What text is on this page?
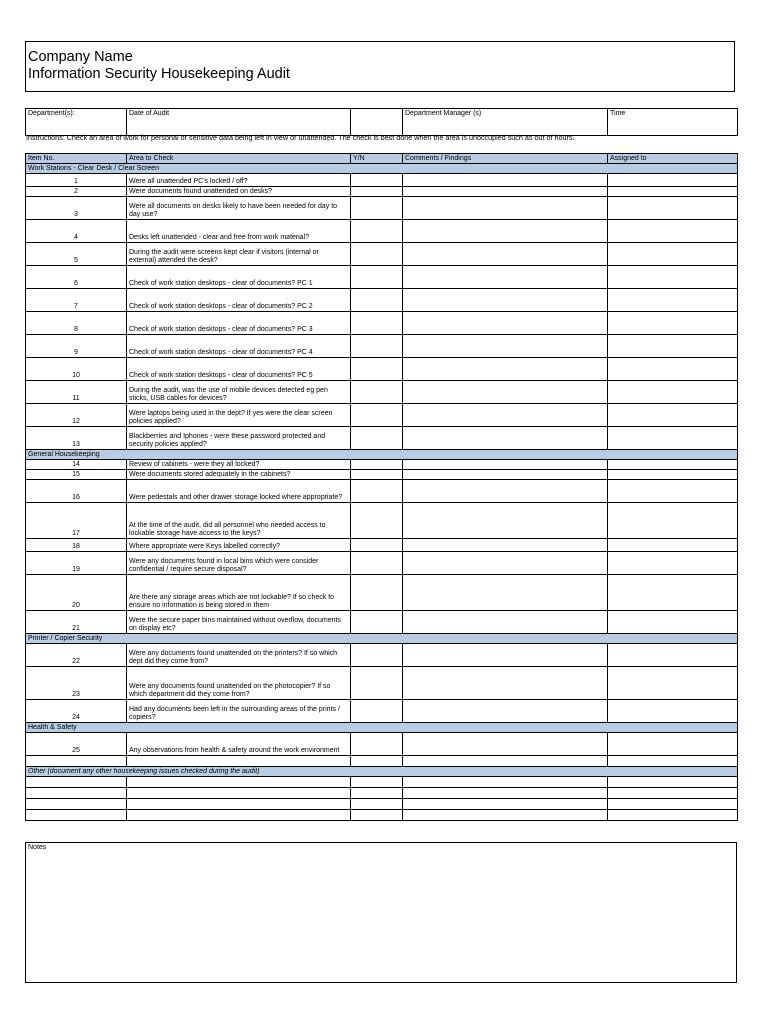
Company Name
Information Security Housekeeping Audit
Department(s):	Date of Audit		Department Manager (s)	Time
Instructions: Check an area of work for personal or sensitive data being left in view or unattended. The check is best done when the area is unoccupied such as out of hours.
Item No.	Area to Check	Y/N	Comments / Findings	Assigned to
Work Stations - Clear Desk / Clear Screen				
1	Were all unattended PC's locked / off?			
2	Were documents found unattended on desks?			
3	Were all documents on desks likely to have been needed for day to day use?			
4	Desks left unattended - clear and free from work material?			
5	During the audit were screens kept clear if visitors (internal or external) attended the desk?			
6	Check of work station desktops - clear of documents? PC 1			
7	Check of work station desktops - clear of documents? PC 2			
8	Check of work station desktops - clear of documents? PC 3			
9	Check of work station desktops - clear of documents? PC 4			
10	Check of work station desktops - clear of documents? PC 5			
11	During the audit, was the use of mobile devices detected eg pen sticks, USB cables for devices?			
12	Were laptops being used in the dept? If yes were the clear screen policies applied?			
13	Blackberries and Iphones - were these password protected and security policies applied?			
General Housekeeping				
14	Review of cabinets - were they all locked?			
15	Were documents stored adequately in the cabinets?			
16	Were pedestals and other drawer storage locked where appropriate?			
17	At the time of the audit, did all personnel who needed access to lockable storage have access to the keys?			
18	Where appropriate were Keys labelled correctly?			
19	Were any documents found in local bins which were consider confidential / require secure disposal?			
20	Are there any storage areas which are not lockable? If so check to ensure no information is being stored in them			
21	Were the secure paper bins maintained without overflow, documents on display etc?			
Printer / Copier Security				
22	Were any documents found unattended on the printers? If so which dept did they come from?			
23	Were any documents found unattended on the photocopier? If so which department did they come from?			
24	Had any documents been left in the surrounding areas of the prints / copiers?			
Health & Safety				
25	Any observations from health & safety around the work environment			

Other (document any other housekeeping issues checked during the audit)				

Notes
